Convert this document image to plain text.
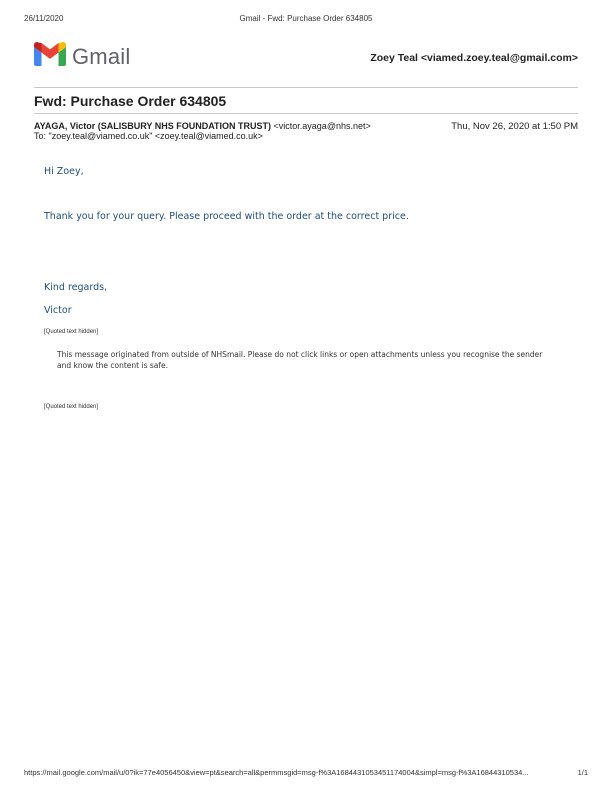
26/11/2020	Gmail - Fwd: Purchase Order 634805
Gmail	Zoey Teal <viamed.zoey.teal@gmail.com>
Fwd: Purchase Order 634805
AYAGA, Victor (SALISBURY NHS FOUNDATION TRUST) <victor.ayaga@nhs.net>	Thu, Nov 26, 2020 at 1:50 PM
To: "zoey.teal@viamed.co.uk" <zoey.teal@viamed.co.uk>
Hi Zoey,
Thank you for your query. Please proceed with the order at the correct price.
Kind regards,
Victor
[Quoted text hidden]
This message originated from outside of NHSmail. Please do not click links or open attachments unless you recognise the sender and know the content is safe.
[Quoted text hidden]
https://mail.google.com/mail/u/0?ik=77e4056450&view=pt&search=all&permmsgid=msg-f%3A1684431053451174004&simpl=msg-f%3A16844310534...	1/1
